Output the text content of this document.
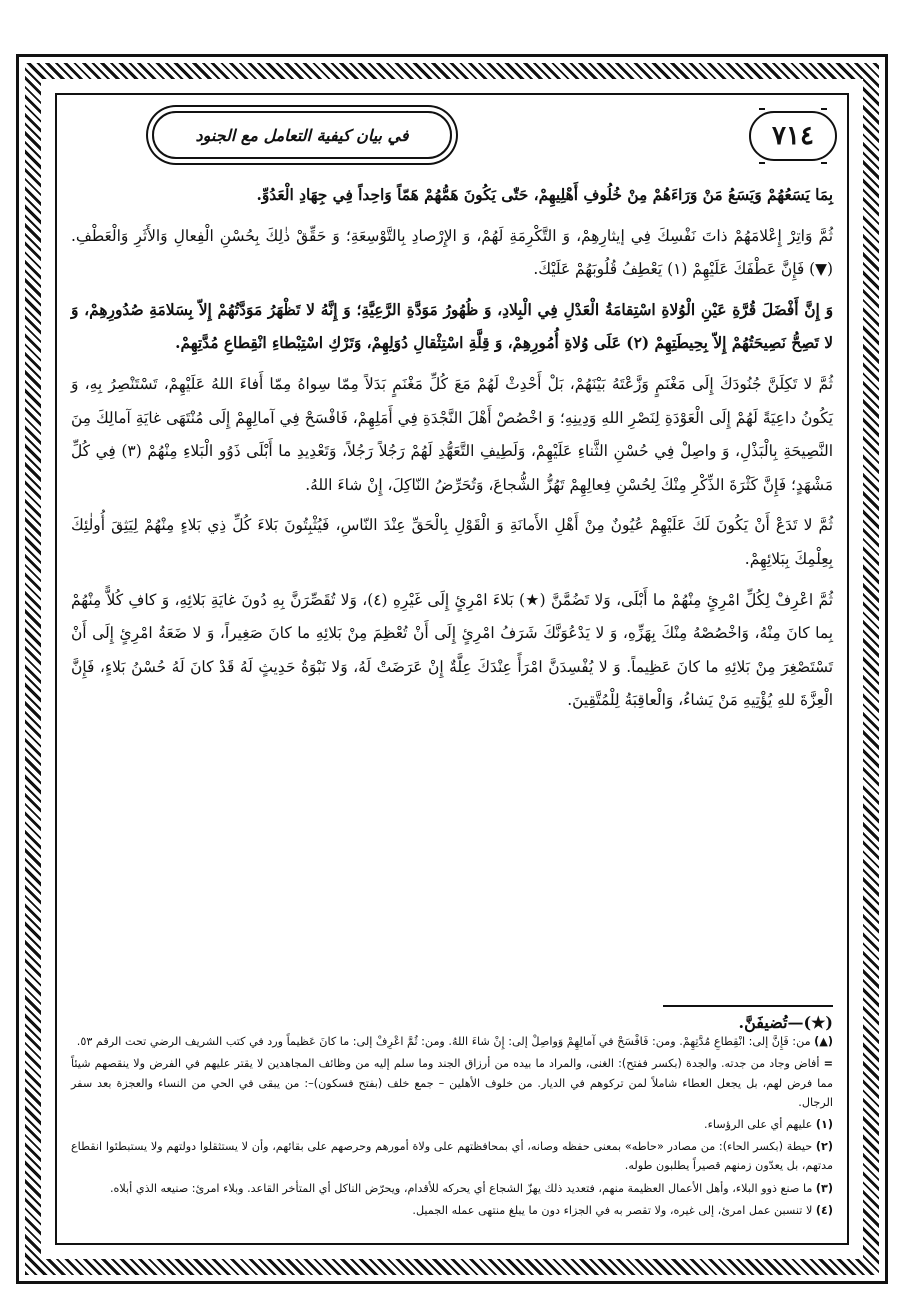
٧١٤
في بيان كيفية التعامل مع الجنود

بِمَا يَسَعُهُمْ وَيَسَعُ مَنْ وَرَاءَهُمْ مِنْ خُلُوفِ أَهْلِيهِمْ، حَتّٰى يَكُونَ هَمُّهُمْ هَمّاً وَاحِداً فِي جِهَادِ الْعَدُوِّ.

ثُمَّ وَاتِرْ إِعْلامَهُمْ ذاتَ نَفْسِكَ فِي إيثارِهِمْ، وَ التَّكْرِمَةِ لَهُمْ، وَ الإِرْصادِ بِالتَّوْسِعَةِ؛ وَ حَقِّقْ ذٰلِكَ بِحُسْنِ الْفِعالِ وَالأَثَرِ وَالْعَطْفِ. (▼) فَإِنَّ عَطْفَكَ عَلَيْهِمْ (١) يَعْطِفُ قُلُوبَهُمْ عَلَيْكَ.

وَ إِنَّ أَفْضَلَ قُرَّةِ عَيْنِ الْوُلاةِ اسْتِقامَةُ الْعَدْلِ فِي الْبِلادِ، وَ ظُهُورُ مَوَدَّةِ الرَّعِيَّةِ؛ وَ إِنَّهُ لا تَظْهَرُ مَوَدَّتُهُمْ إِلاّ بِسَلامَةِ صُدُورِهِمْ، وَ لا تَصِحُّ نَصِيحَتُهُمْ إِلاّ بِحِيطَتِهِمْ (٢) عَلَى وُلاةِ أُمُورِهِمْ، وَ قِلَّةِ اسْتِثْقالِ دُوَلِهِمْ، وَتَرْكِ اسْتِبْطاءِ انْقِطاعِ مُدَّتِهِمْ.

ثُمَّ لا تَكِلَنَّ جُنُودَكَ إِلَى مَغْنَمٍ وَزَّعْتَهُ بَيْنَهُمْ، بَلْ أَحْدِثْ لَهُمْ مَعَ كُلِّ مَغْنَمٍ بَدَلاً مِمّا سِواهُ مِمّا أَفاءَ اللهُ عَلَيْهِمْ، تَسْتَنْصِرُ بِهِ، وَ يَكُونُ داعِيَةً لَهُمْ إِلَى الْعَوْدَةِ لِنَصْرِ اللهِ وَدِينِهِ؛ وَ اخْصُصْ أَهْلَ النَّجْدَةِ فِي أَمَلِهِمْ، فَافْسَحْ فِي آمالِهِمْ إِلَى مُنْتَهَى غايَةِ آمالِكَ مِنَ النَّصِيحَةِ بِالْبَذْلِ، وَ واصِلْ فِي حُسْنِ الثَّناءِ عَلَيْهِمْ، وَلَطِيفِ التَّعَهُّدِ لَهُمْ رَجُلاً رَجُلاً، وَتَعْدِيدِ ما أَبْلَى ذَوُو الْبَلاءِ مِنْهُمْ (٣) فِي كُلِّ مَشْهَدٍ؛ فَإِنَّ كَثْرَةَ الذِّكْرِ مِنْكَ لِحُسْنِ فِعالِهِمْ تَهُزُّ الشُّجاعَ، وَتُحَرِّضُ النّاكِلَ، إِنْ شاءَ اللهُ.

ثُمَّ لا تَدَعْ أَنْ يَكُونَ لَكَ عَلَيْهِمْ عُيُونٌ مِنْ أَهْلِ الأَمانَةِ وَ الْقَوْلِ بِالْحَقِّ عِنْدَ النّاسِ، فَيُثْبِتُونَ بَلاءَ كُلِّ ذِي بَلاءٍ مِنْهُمْ لِيَثِقَ أُولٰئِكَ بِعِلْمِكَ بِبَلائِهِمْ.

ثُمَّ اعْرِفْ لِكُلِّ امْرِئٍ مِنْهُمْ ما أَبْلَى، وَلا تَضُمَّنَّ (★) بَلاءَ امْرِئٍ إِلَى غَيْرِهِ (٤)، وَلا تُقَصِّرَنَّ بِهِ دُونَ غايَةِ بَلائِهِ، وَ كافِ كُلاًّ مِنْهُمْ بِما كانَ مِنْهُ، وَاخْصُصْهُ مِنْكَ بِهَزِّهِ، وَ لا يَدْعُوَنَّكَ شَرَفُ امْرِئٍ إِلَى أَنْ تُعْظِمَ مِنْ بَلائِهِ ما كانَ صَغِيراً، وَ لا ضَعَةُ امْرِئٍ إِلَى أَنْ تَسْتَصْغِرَ مِنْ بَلائِهِ ما كانَ عَظِيماً. وَ لا يُفْسِدَنَّ امْرَأً عِنْدَكَ عِلَّةٌ إِنْ عَرَضَتْ لَهُ، وَلا نَبْوَةُ حَدِيثٍ لَهُ قَدْ كانَ لَهُ حُسْنُ بَلاءٍ، فَإِنَّ الْعِزَّةَ للهِ يُؤْتِيهِ مَنْ يَشاءُ، وَالْعاقِبَةُ لِلْمُتَّقِينَ.

(★)—تُضيفَنَّ.

(▲) من: فَإِنَّ إلى: انْقِطاعِ مُدَّتِهِمْ. ومن: فَافْسَحْ في آمالِهِمْ وَواصِلْ إلى: إِنْ شاءَ اللهُ. ومن: ثُمَّ اعْرِفْ إلى: ما كانَ عَظيماً ورد في كتب الشريف الرضي تحت الرقم ٥٣.

= أفاض وجاد من جدته. والجدة (بكسر ففتح): الغنى، والمراد ما بيده من أرزاق الجند وما سلم إليه من وظائف المجاهدين لا يقتر عليهم في الفرض ولا ينقصهم شيئاً مما فرض لهم، بل يجعل العطاء شاملاً لمن تركوهم في الديار. من خلوف الأهلين – جمع خلف (بفتح فسكون)–: من يبقى في الحي من النساء والعجزة بعد سفر الرجال.

(١) عليهم أي على الرؤساء.

(٢) حيطة (بكسر الحاء): من مصادر «حاطه» بمعنى حفظه وصانه، أي بمحافظتهم على ولاة أمورهم وحرصهم على بقائهم، وأن لا يستثقلوا دولتهم ولا يستبطئوا انقطاع مدتهم، بل يعدّون زمنهم قصيراً يطلبون طوله.

(٣) ما صنع ذوو البلاء، وأهل الأعمال العظيمة منهم، فتعديد ذلك يهزّ الشجاع أي يحركه للأقدام، ويحرّض الناكل أي المتأخر القاعد. وبلاء امرئ: صنيعه الذي أبلاه.

(٤) لا تنسبن عمل امرئ، إلى غيره، ولا تقصر به في الجزاء دون ما يبلغ منتهى عمله الجميل.
